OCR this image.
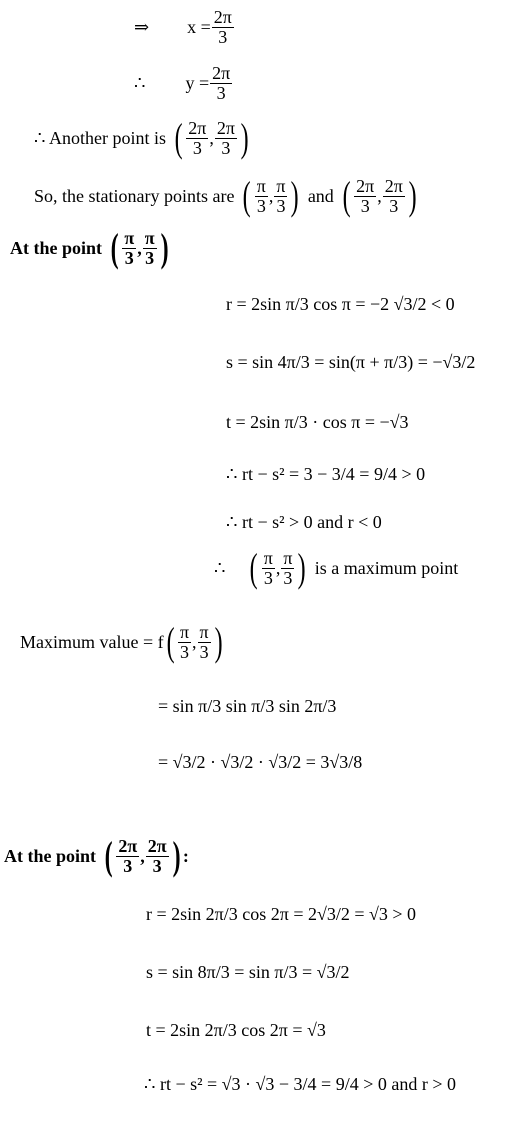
⇒ $x = \frac{2\pi}{3}$
∴ $y = \frac{2\pi}{3}$
∴ Another point is ( $\frac{2\pi}{3}$ , $\frac{2\pi}{3}$ )
So, the stationary points are ( $\frac{\pi}{3}$ , $\frac{\pi}{3}$ ) and ( $\frac{2\pi}{3}$ , $\frac{2\pi}{3}$ )
At the point ( $\frac{\pi}{3}$ , $\frac{\pi}{3}$ )
r = 2sin π/3 cos π = −2 √3/2 < 0
s = sin 4π/3 = sin(π + π/3) = −√3/2
t = 2sin π/3 · cos π = −√3
∴ rt − s² = 3 − 3/4 = 9/4 > 0
∴ rt − s² > 0 and r < 0
∴ ( $\frac{\pi}{3}$ , $\frac{\pi}{3}$ ) is a maximum point
Maximum value = f ( $\frac{\pi}{3}$ , $\frac{\pi}{3}$ )
= sin π/3 sin π/3 sin 2π/3
= √3/2 · √3/2 · √3/2 = 3√3/8
At the point ( $\frac{2\pi}{3}$ , $\frac{2\pi}{3}$ ) :
r = 2sin 2π/3 cos 2π = 2√3/2 = √3 > 0
s = sin 8π/3 = sin π/3 = √3/2
t = 2sin 2π/3 cos 2π = √3
∴ rt − s² = √3 · √3 − 3/4 = 9/4 > 0 and r > 0
